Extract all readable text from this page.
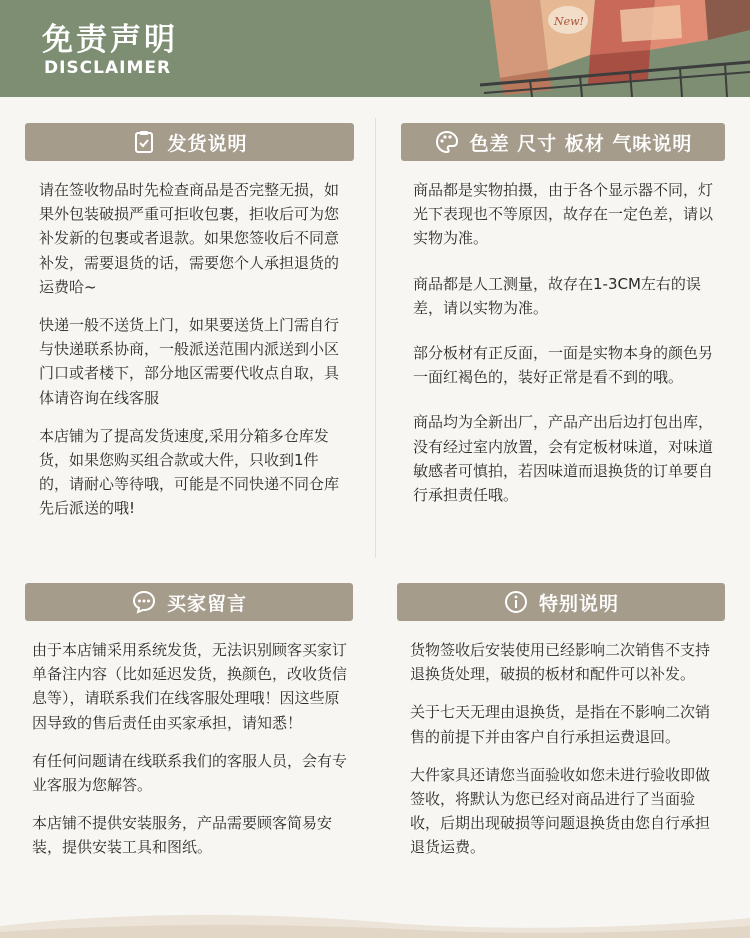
免责声明
DISCLAIMER
New!
发货说明

请在签收物品时先检查商品是否完整无损，如果外包装破损严重可拒收包裹，拒收后可为您补发新的包裹或者退款。如果您签收后不同意补发，需要退货的话，需要您个人承担退货的运费哈~

快递一般不送货上门，如果要送货上门需自行与快递联系协商，一般派送范围内派送到小区门口或者楼下，部分地区需要代收点自取，具体请咨询在线客服

本店铺为了提高发货速度,采用分箱多仓库发货，如果您购买组合款或大件，只收到1件的，请耐心等待哦，可能是不同快递不同仓库先后派送的哦!

色差 尺寸 板材 气味说明

商品都是实物拍摄，由于各个显示器不同，灯光下表现也不等原因，故存在一定色差，请以实物为准。

商品都是人工测量，故存在1-3CM左右的误差，请以实物为准。

部分板材有正反面，一面是实物本身的颜色另一面红褐色的，装好正常是看不到的哦。

商品均为全新出厂，产品产出后边打包出库，没有经过室内放置，会有定板材味道，对味道敏感者可慎拍，若因味道而退换货的订单要自行承担责任哦。

买家留言

由于本店铺采用系统发货，无法识别顾客买家订单备注内容（比如延迟发货，换颜色，改收货信息等），请联系我们在线客服处理哦！因这些原因导致的售后责任由买家承担，请知悉！

有任何问题请在线联系我们的客服人员，会有专业客服为您解答。

本店铺不提供安装服务，产品需要顾客简易安装，提供安装工具和图纸。

特别说明

货物签收后安装使用已经影响二次销售不支持退换货处理，破损的板材和配件可以补发。

关于七天无理由退换货，是指在不影响二次销售的前提下并由客户自行承担运费退回。

大件家具还请您当面验收如您未进行验收即做签收，将默认为您已经对商品进行了当面验收，后期出现破损等问题退换货由您自行承担退货运费。
